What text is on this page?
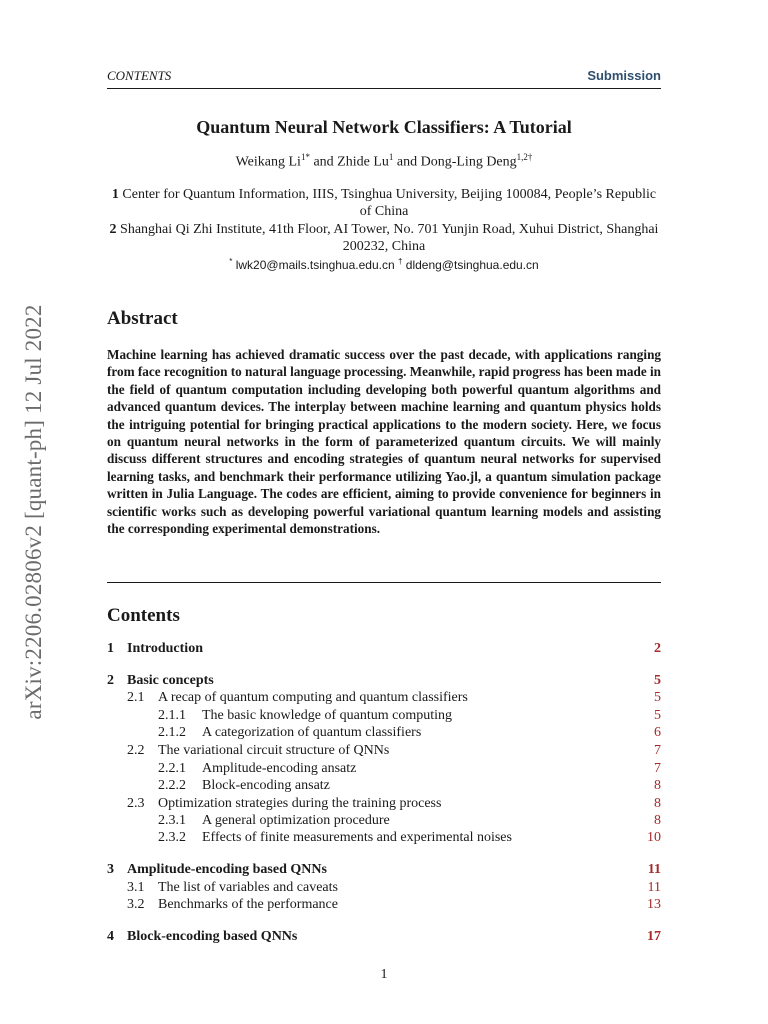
arXiv:2206.02806v2 [quant-ph] 12 Jul 2022
CONTENTS	Submission
Quantum Neural Network Classifiers: A Tutorial
Weikang $Li^{1*}$ and Zhide Lu$^1$ and Dong-Ling Deng$^{1,2\dagger}$
1 Center for Quantum Information, IIIS, Tsinghua University, Beijing 100084, People’s Republic of China
2 Shanghai Qi Zhi Institute, 41th Floor, AI Tower, No. 701 Yunjin Road, Xuhui District, Shanghai 200232, China
* lwk20@mails.tsinghua.edu.cn † dldeng@tsinghua.edu.cn
Abstract
Machine learning has achieved dramatic success over the past decade, with applications ranging from face recognition to natural language processing. Meanwhile, rapid progress has been made in the field of quantum computation including developing both powerful quantum algorithms and advanced quantum devices. The interplay between machine learning and quantum physics holds the intriguing potential for bringing practical applications to the modern society. Here, we focus on quantum neural networks in the form of parameterized quantum circuits. We will mainly discuss different structures and encoding strategies of quantum neural networks for supervised learning tasks, and benchmark their performance utilizing Yao.jl, a quantum simulation package written in Julia Language. The codes are efficient, aiming to provide convenience for beginners in scientific works such as developing powerful variational quantum learning models and assisting the corresponding experimental demonstrations.
Contents
1 Introduction	2
2 Basic concepts	5
2.1 A recap of quantum computing and quantum classifiers	5
2.1.1 The basic knowledge of quantum computing	5
2.1.2 A categorization of quantum classifiers	6
2.2 The variational circuit structure of QNNs	7
2.2.1 Amplitude-encoding ansatz	7
2.2.2 Block-encoding ansatz	8
2.3 Optimization strategies during the training process	8
2.3.1 A general optimization procedure	8
2.3.2 Effects of finite measurements and experimental noises	10
3 Amplitude-encoding based QNNs	11
3.1 The list of variables and caveats	11
3.2 Benchmarks of the performance	13
4 Block-encoding based QNNs	17
1
